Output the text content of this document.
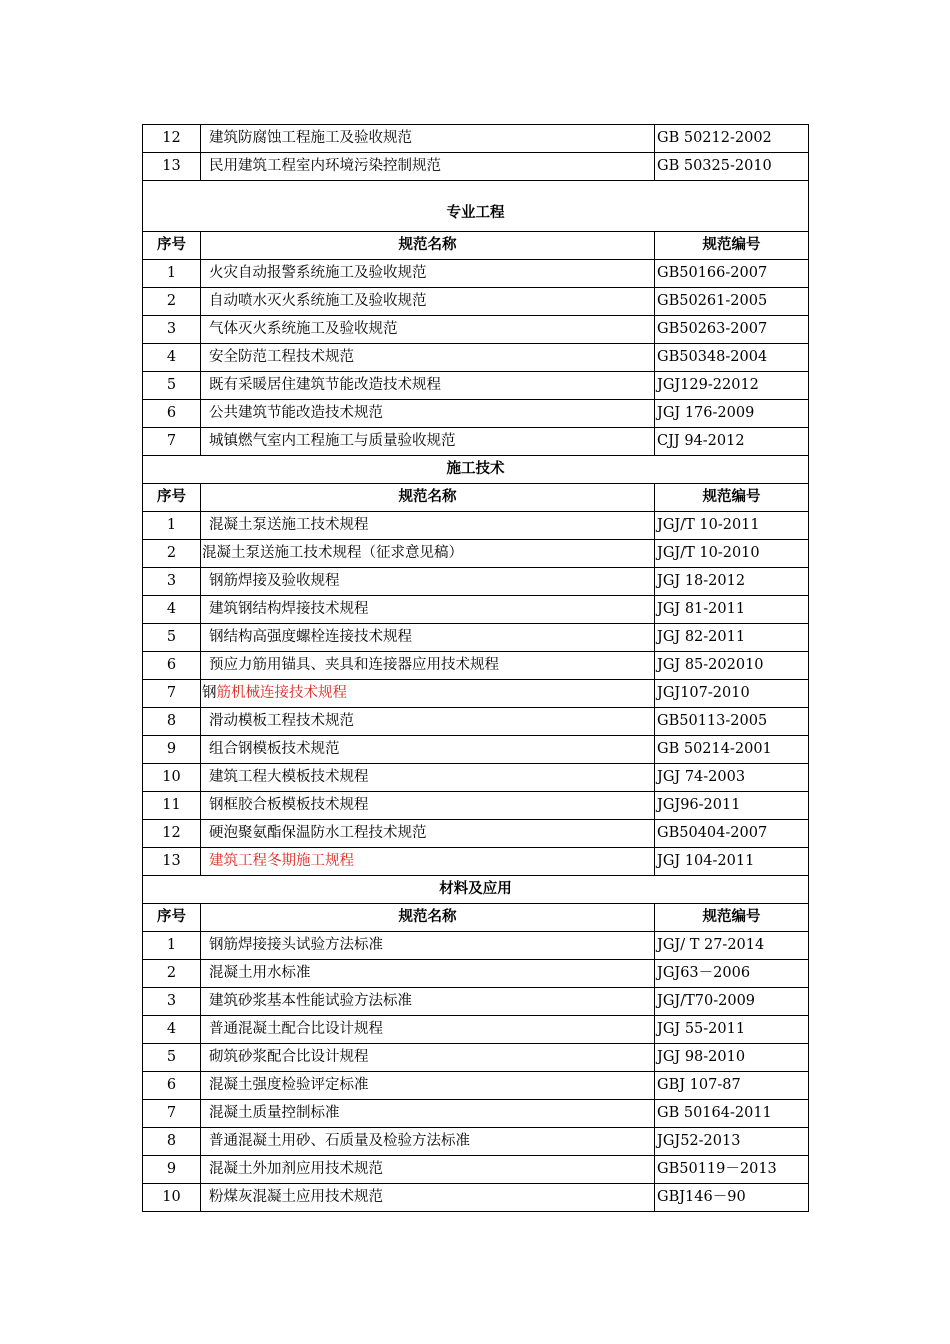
12	建筑防腐蚀工程施工及验收规范	GB 50212-2002
13	民用建筑工程室内环境污染控制规范	GB 50325-2010
专业工程		
序号	规范名称	规范编号
1	火灾自动报警系统施工及验收规范	GB50166-2007
2	自动喷水灭火系统施工及验收规范	GB50261-2005
3	气体灭火系统施工及验收规范	GB50263-2007
4	安全防范工程技术规范	GB50348-2004
5	既有采暖居住建筑节能改造技术规程	JGJ129-22012
6	公共建筑节能改造技术规范	JGJ 176-2009
7	城镇燃气室内工程施工与质量验收规范	CJJ 94-2012
施工技术		
序号	规范名称	规范编号
1	混凝土泵送施工技术规程	JGJ/T 10-2011
2	混凝土泵送施工技术规程（征求意见稿）	JGJ/T 10-2010
3	钢筋焊接及验收规程	JGJ 18-2012
4	建筑钢结构焊接技术规程	JGJ 81-2011
5	钢结构高强度螺栓连接技术规程	JGJ 82-2011
6	预应力筋用锚具、夹具和连接器应用技术规程	JGJ 85-202010
7	钢筋机械连接技术规程	JGJ107-2010
8	滑动模板工程技术规范	GB50113-2005
9	组合钢模板技术规范	GB 50214-2001
10	建筑工程大模板技术规程	JGJ 74-2003
11	钢框胶合板模板技术规程	JGJ96-2011
12	硬泡聚氨酯保温防水工程技术规范	GB50404-2007
13	建筑工程冬期施工规程	JGJ 104-2011
材料及应用		
序号	规范名称	规范编号
1	钢筋焊接接头试验方法标准	JGJ/ T 27-2014
2	混凝土用水标准	JGJ63－2006
3	建筑砂浆基本性能试验方法标准	JGJ/T70-2009
4	普通混凝土配合比设计规程	JGJ 55-2011
5	砌筑砂浆配合比设计规程	JGJ 98-2010
6	混凝土强度检验评定标准	GBJ 107-87
7	混凝土质量控制标准	GB 50164-2011
8	普通混凝土用砂、石质量及检验方法标准	JGJ52-2013
9	混凝土外加剂应用技术规范	GB50119－2013
10	粉煤灰混凝土应用技术规范	GBJ146－90
